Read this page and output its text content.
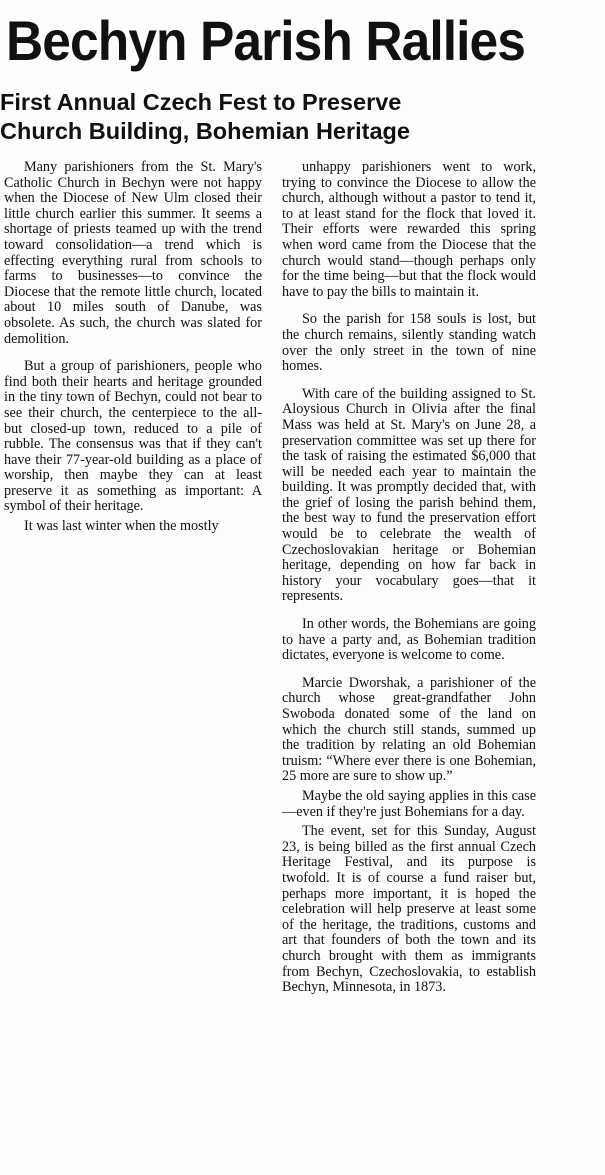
Bechyn Parish Rallies
First Annual Czech Fest to Preserve
Church Building, Bohemian Heritage

Many parishioners from the St. Mary's Catholic Church in Bechyn were not happy when the Diocese of New Ulm closed their little church earlier this summer. It seems a shortage of priests teamed up with the trend toward consolidation—a trend which is effecting everything rural from schools to farms to businesses—to convince the Diocese that the remote little church, located about 10 miles south of Danube, was obsolete. As such, the church was slated for demolition.

But a group of parishioners, people who find both their hearts and heritage grounded in the tiny town of Bechyn, could not bear to see their church, the centerpiece to the all-but closed-up town, reduced to a pile of rubble. The consensus was that if they can't have their 77-year-old building as a place of worship, then maybe they can at least preserve it as something as important: A symbol of their heritage.

It was last winter when the mostly

unhappy parishioners went to work, trying to convince the Diocese to allow the church, although without a pastor to tend it, to at least stand for the flock that loved it. Their efforts were rewarded this spring when word came from the Diocese that the church would stand—though perhaps only for the time being—but that the flock would have to pay the bills to maintain it.

So the parish for 158 souls is lost, but the church remains, silently standing watch over the only street in the town of nine homes.

With care of the building assigned to St. Aloysious Church in Olivia after the final Mass was held at St. Mary's on June 28, a preservation committee was set up there for the task of raising the estimated $6,000 that will be needed each year to maintain the building. It was promptly decided that, with the grief of losing the parish behind them, the best way to fund the preservation effort would be to celebrate the wealth of Czechoslovakian heritage or Bohemian heritage, depending on how far back in history your vocabulary goes—that it represents.

In other words, the Bohemians are going to have a party and, as Bohemian tradition dictates, everyone is welcome to come.

Marcie Dworshak, a parishioner of the church whose great-grandfather John Swoboda donated some of the land on which the church still stands, summed up the tradition by relating an old Bohemian truism: “Where ever there is one Bohemian, 25 more are sure to show up.”

Maybe the old saying applies in this case—even if they're just Bohemians for a day.

The event, set for this Sunday, August 23, is being billed as the first annual Czech Heritage Festival, and its purpose is twofold. It is of course a fund raiser but, perhaps more important, it is hoped the celebration will help preserve at least some of the heritage, the traditions, customs and art that founders of both the town and its church brought with them as immigrants from Bechyn, Czechoslovakia, to establish Bechyn, Minnesota, in 1873.
